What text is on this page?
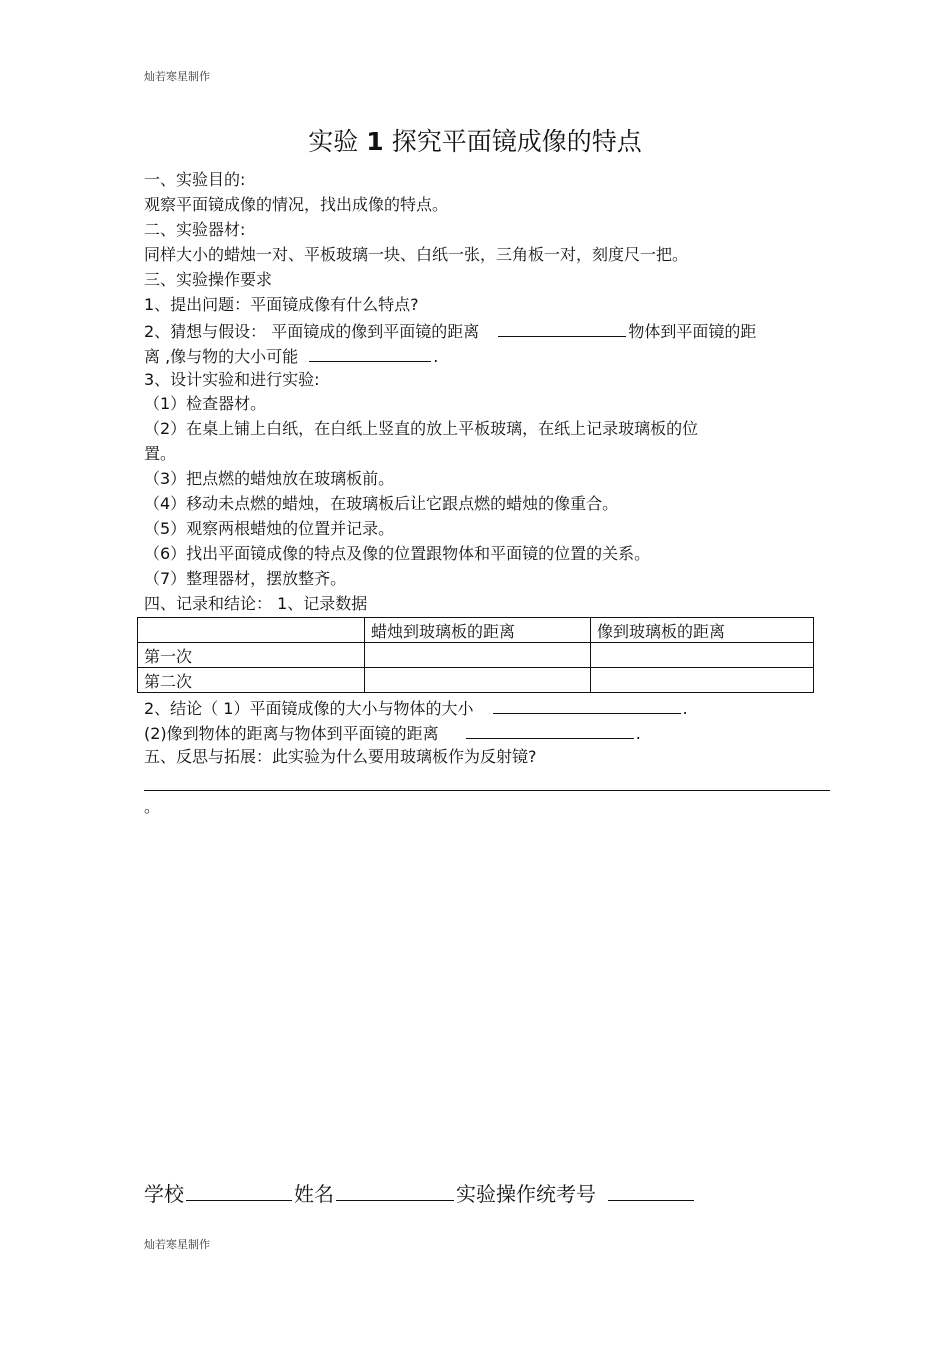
灿若寒星制作
实验 1 探究平面镜成像的特点
一、实验目的:
观察平面镜成像的情况，找出成像的特点。
二、实验器材:
同样大小的蜡烛一对、平板玻璃一块、白纸一张，三角板一对，刻度尺一把。
三、实验操作要求
1、提出问题：平面镜成像有什么特点?
2、猜想与假设： 平面镜成的像到平面镜的距离	物体到平面镜的距
离 ,像与物的大小可能	.
3、设计实验和进行实验:
（1）检查器材。
（2）在桌上铺上白纸，在白纸上竖直的放上平板玻璃，在纸上记录玻璃板的位
置。
（3）把点燃的蜡烛放在玻璃板前。
（4）移动未点燃的蜡烛，在玻璃板后让它跟点燃的蜡烛的像重合。
（5）观察两根蜡烛的位置并记录。
（6）找出平面镜成像的特点及像的位置跟物体和平面镜的位置的关系。
（7）整理器材，摆放整齐。
四、记录和结论： 1、记录数据
	蜡烛到玻璃板的距离	像到玻璃板的距离
第一次		
第二次		
2、结论（ 1）平面镜成像的大小与物体的大小	.
(2)像到物体的距离与物体到平面镜的距离	.
五、反思与拓展：此实验为什么要用玻璃板作为反射镜?
。
学校	姓名	实验操作统考号
灿若寒星制作
